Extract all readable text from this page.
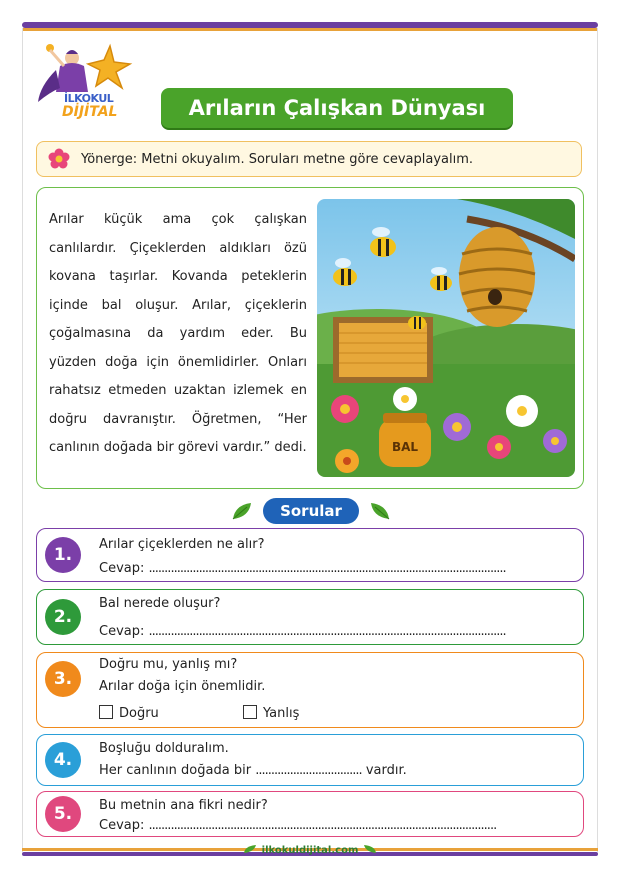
İLKOKUL
DİJİTAL	Arıların Çalışkan Dünyası
Yönerge: Metni okuyalım. Soruları metne göre cevaplayalım.
Arılar küçük ama çok çalışkan canlılardır. Çiçeklerden aldıkları özü kovana taşırlar. Kovanda peteklerin içinde bal oluşur. Arılar, çiçeklerin çoğalmasına da yardım eder. Bu yüzden doğa için önemlidirler. Onları rahatsız etmeden uzaktan izlemek en doğru davranıştır. Öğretmen, “Her canlının doğada bir görevi vardır.” dedi.	BAL
Sorular
1.
Arılar çiçeklerden ne alır?
Cevap: ..................................................................................................................
2.
Bal nerede oluşur?
Cevap: ..................................................................................................................
3.
Doğru mu, yanlış mı?
Arılar doğa için önemlidir.
Doğru	Yanlış
4.
Boşluğu dolduralım.
Her canlının doğada bir .................................. vardır.
5.	Bu metnin ana fikri nedir?
Cevap: ...............................................................................................................
ilkokuldijital.com
